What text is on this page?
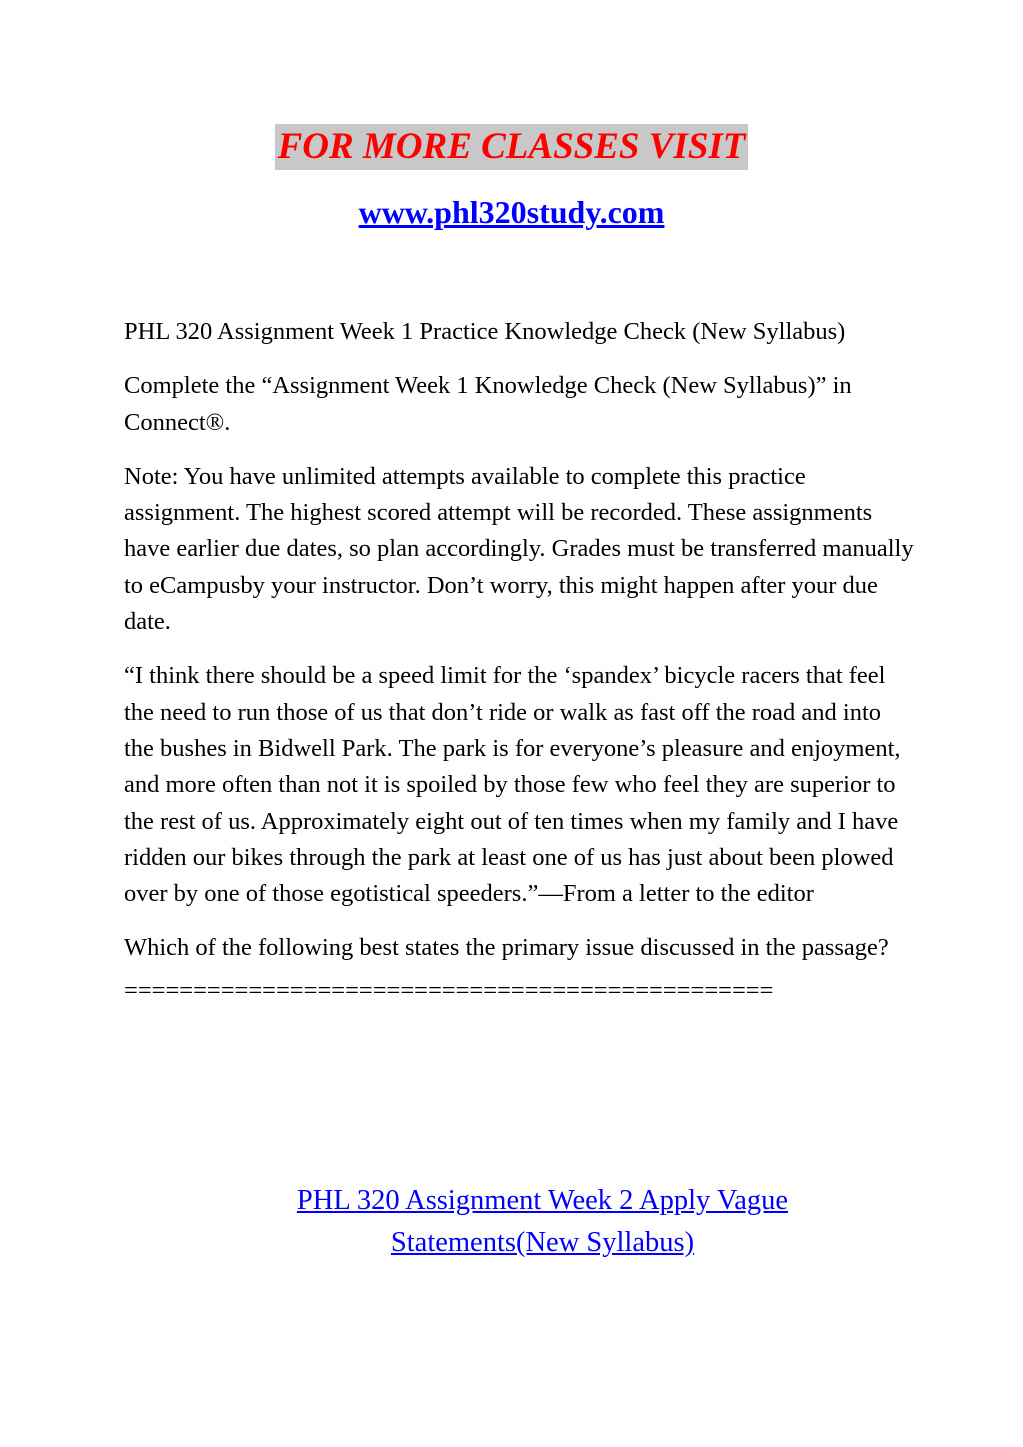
FOR MORE CLASSES VISIT
www.phl320study.com

PHL 320 Assignment Week 1 Practice Knowledge Check (New Syllabus)

Complete the “Assignment Week 1 Knowledge Check (New Syllabus)” in Connect®.

Note: You have unlimited attempts available to complete this practice assignment. The highest scored attempt will be recorded. These assignments have earlier due dates, so plan accordingly. Grades must be transferred manually to eCampusby your instructor. Don’t worry, this might happen after your due date.

“I think there should be a speed limit for the ‘spandex’ bicycle racers that feel the need to run those of us that don’t ride or walk as fast off the road and into the bushes in Bidwell Park. The park is for everyone’s pleasure and enjoyment, and more often than not it is spoiled by those few who feel they are superior to the rest of us. Approximately eight out of ten times when my family and I have ridden our bikes through the park at least one of us has just about been plowed over by one of those egotistical speeders.”—From a letter to the editor

Which of the following best states the primary issue discussed in the passage?

===============================================

PHL 320 Assignment Week 2 Apply Vague Statements(New Syllabus)
